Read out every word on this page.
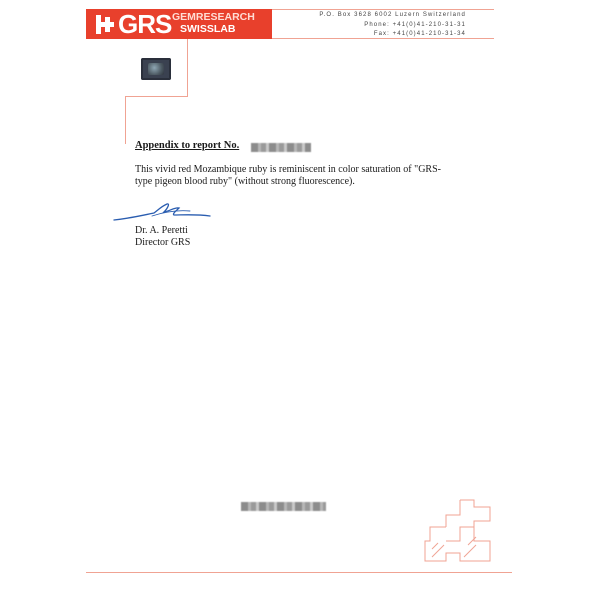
GRS GEMRESEARCH
SWISSLAB
P.O. Box 3628 6002 Luzern Switzerland
Phone: +41(0)41-210-31-31
Fax: +41(0)41-210-31-34
Appendix to report No.
This vivid red Mozambique ruby is reminiscent in color saturation of "GRS-type pigeon blood ruby" (without strong fluorescence).
Dr. A. Peretti
Director GRS
